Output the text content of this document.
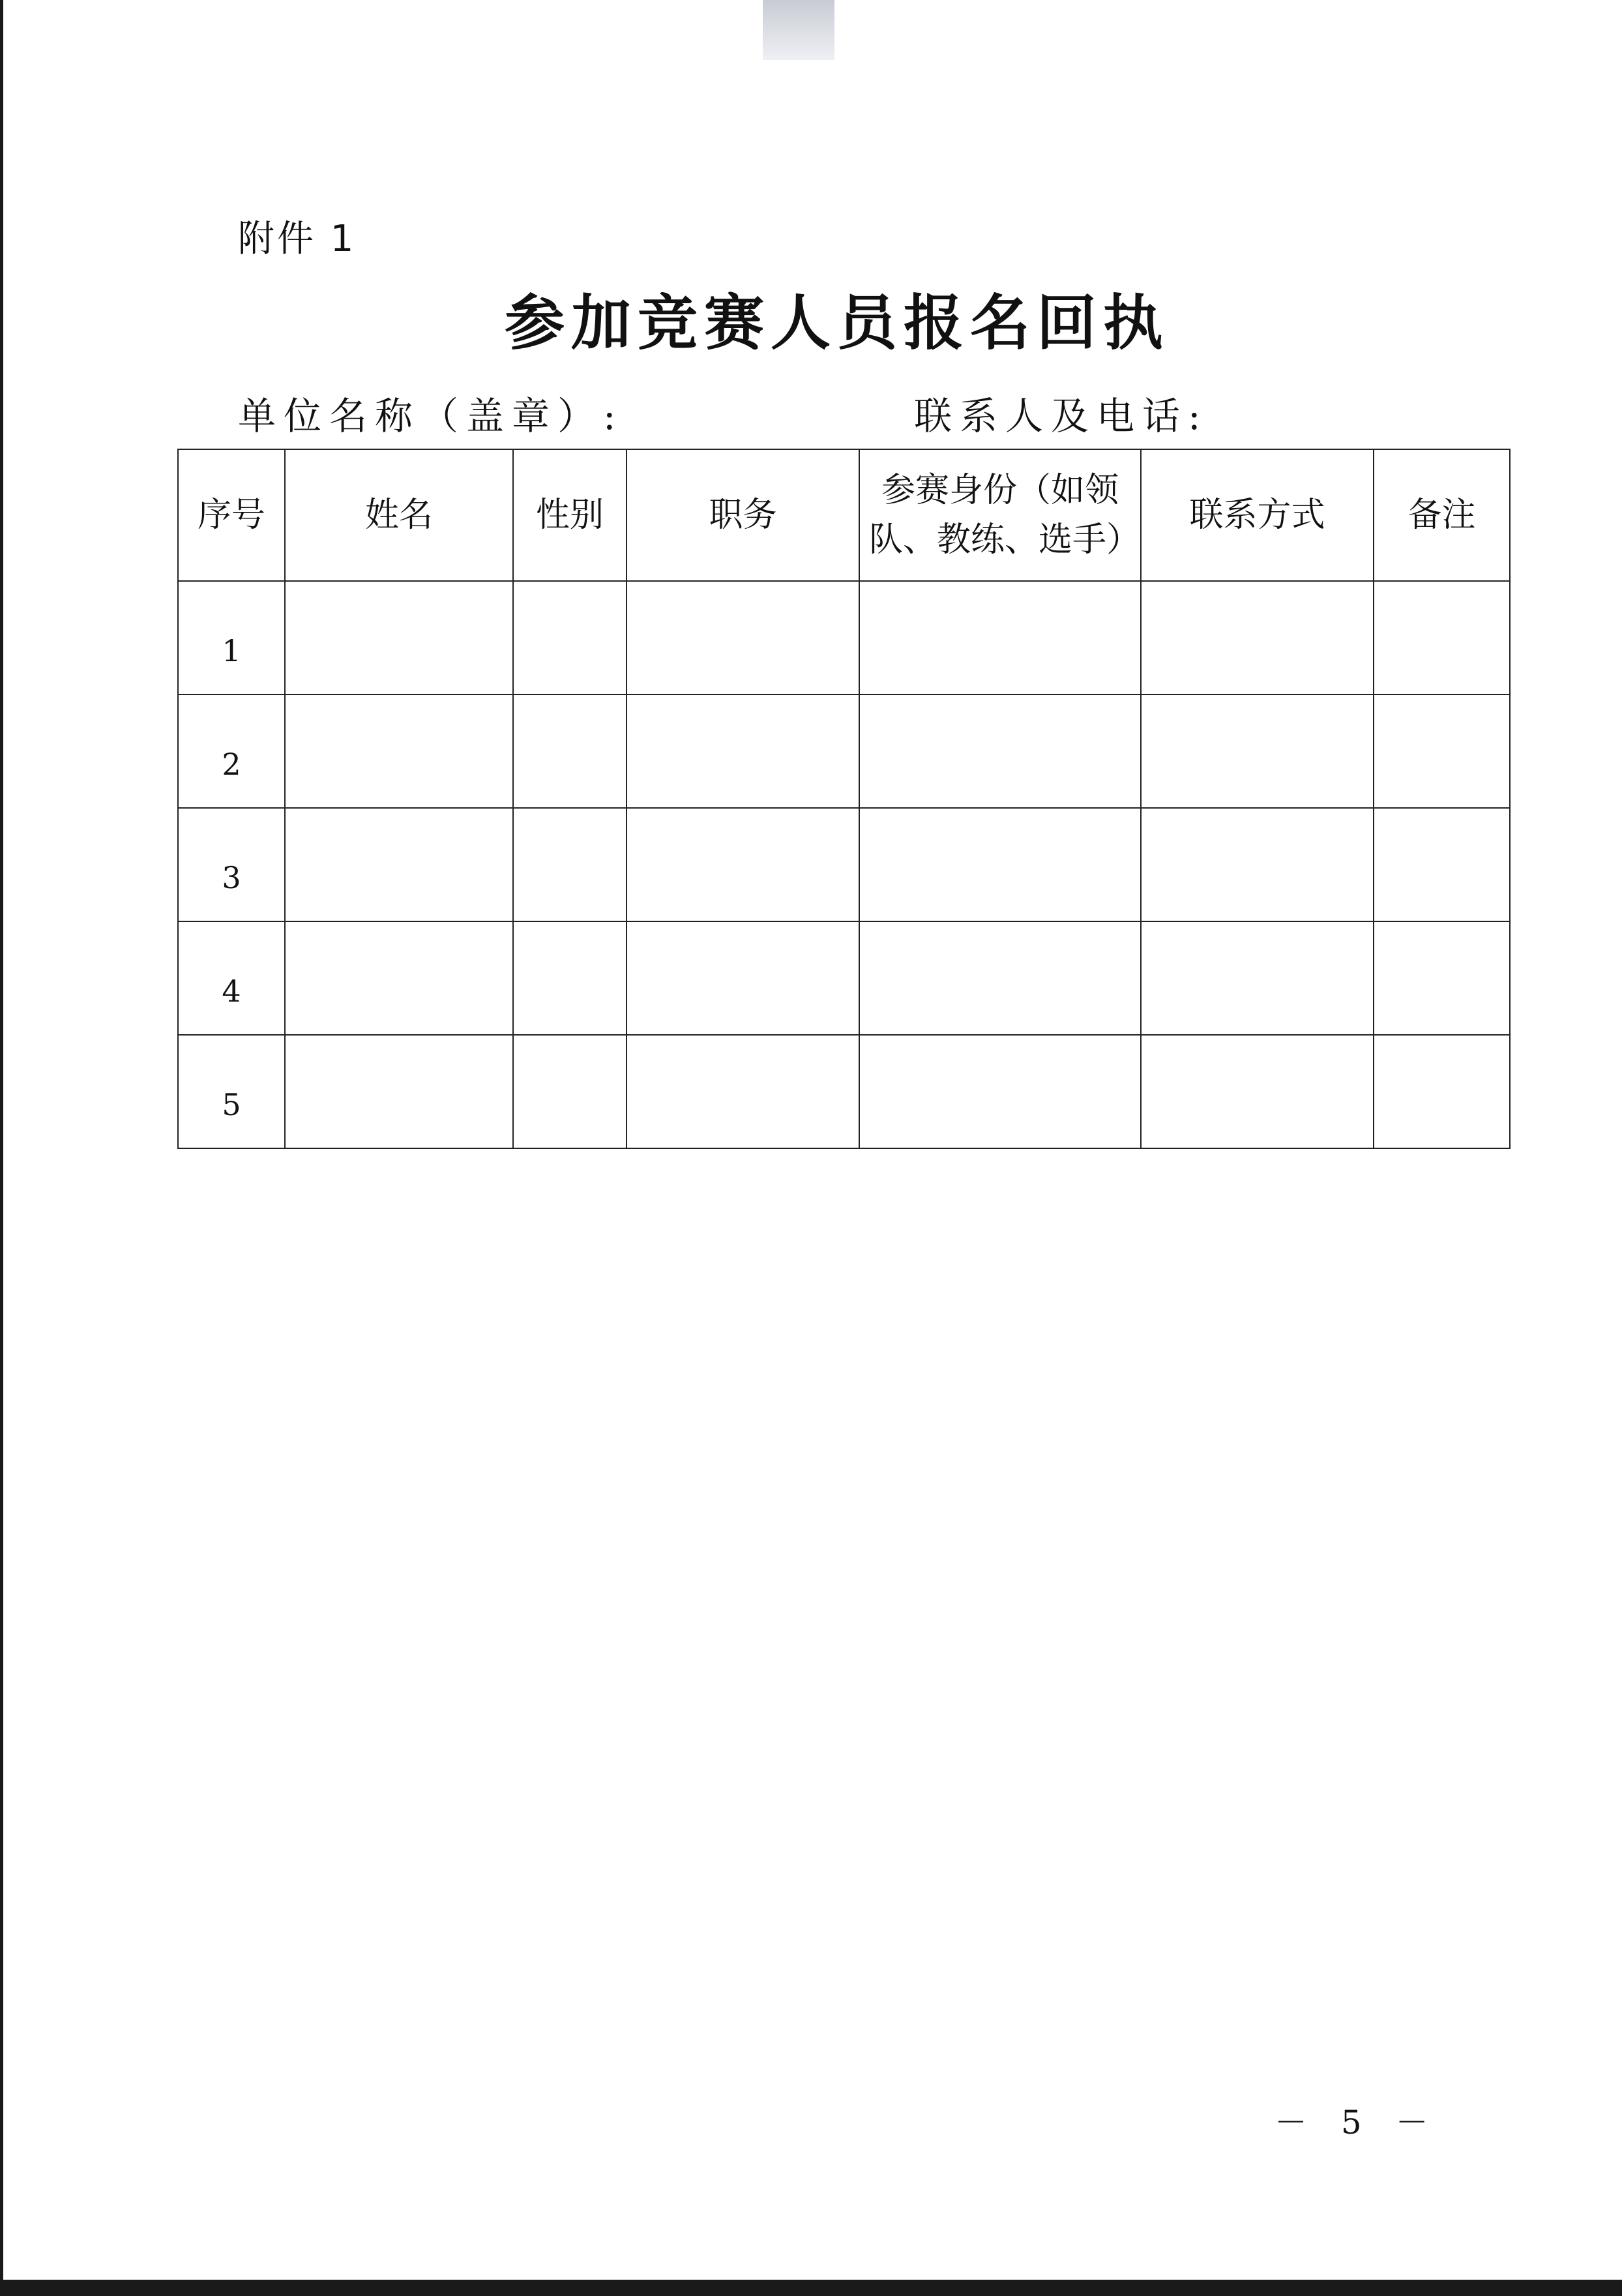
附件 1
参加竞赛人员报名回执
单位名称（盖章）:	联系人及电话:
序号	姓名	性别	职务	参赛身份（如领队、教练、选手）	联系方式	备注
1						
2						
3						
4						
5						
－ 5 －
